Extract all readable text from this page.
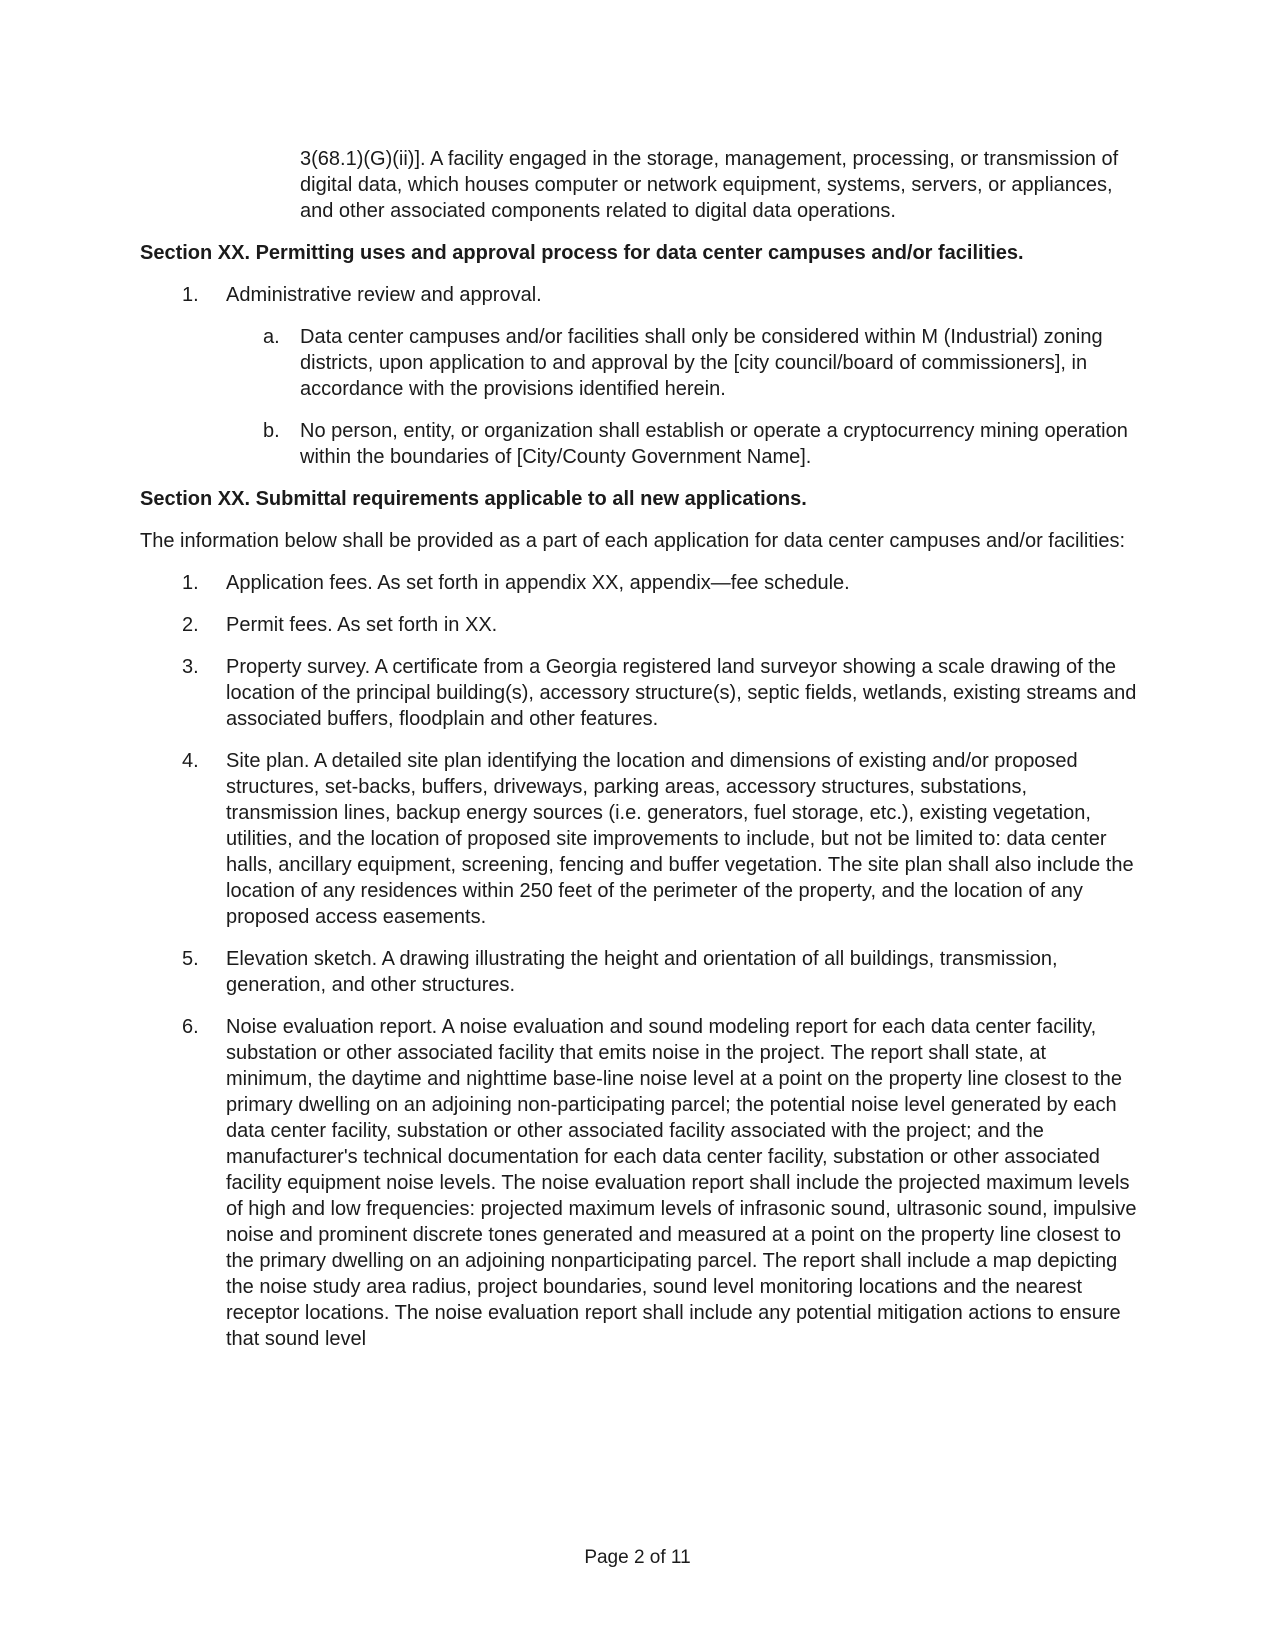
3(68.1)(G)(ii)]. A facility engaged in the storage, management, processing, or transmission of digital data, which houses computer or network equipment, systems, servers, or appliances, and other associated components related to digital data operations.

Section XX. Permitting uses and approval process for data center campuses and/or facilities.

1.	Administrative review and approval.
a.	Data center campuses and/or facilities shall only be considered within M (Industrial) zoning districts, upon application to and approval by the [city council/board of commissioners], in accordance with the provisions identified herein.
b.	No person, entity, or organization shall establish or operate a cryptocurrency mining operation within the boundaries of [City/County Government Name].

Section XX. Submittal requirements applicable to all new applications.

The information below shall be provided as a part of each application for data center campuses and/or facilities:

1.	Application fees. As set forth in appendix XX, appendix—fee schedule.
2.	Permit fees. As set forth in XX.
3.	Property survey. A certificate from a Georgia registered land surveyor showing a scale drawing of the location of the principal building(s), accessory structure(s), septic fields, wetlands, existing streams and associated buffers, floodplain and other features.
4.	Site plan. A detailed site plan identifying the location and dimensions of existing and/or proposed structures, set-backs, buffers, driveways, parking areas, accessory structures, substations, transmission lines, backup energy sources (i.e. generators, fuel storage, etc.), existing vegetation, utilities, and the location of proposed site improvements to include, but not be limited to: data center halls, ancillary equipment, screening, fencing and buffer vegetation. The site plan shall also include the location of any residences within 250 feet of the perimeter of the property, and the location of any proposed access easements.
5.	Elevation sketch. A drawing illustrating the height and orientation of all buildings, transmission, generation, and other structures.
6.	Noise evaluation report. A noise evaluation and sound modeling report for each data center facility, substation or other associated facility that emits noise in the project. The report shall state, at minimum, the daytime and nighttime base-line noise level at a point on the property line closest to the primary dwelling on an adjoining non-participating parcel; the potential noise level generated by each data center facility, substation or other associated facility associated with the project; and the manufacturer's technical documentation for each data center facility, substation or other associated facility equipment noise levels. The noise evaluation report shall include the projected maximum levels of high and low frequencies: projected maximum levels of infrasonic sound, ultrasonic sound, impulsive noise and prominent discrete tones generated and measured at a point on the property line closest to the primary dwelling on an adjoining nonparticipating parcel. The report shall include a map depicting the noise study area radius, project boundaries, sound level monitoring locations and the nearest receptor locations. The noise evaluation report shall include any potential mitigation actions to ensure that sound level
Page 2 of 11
